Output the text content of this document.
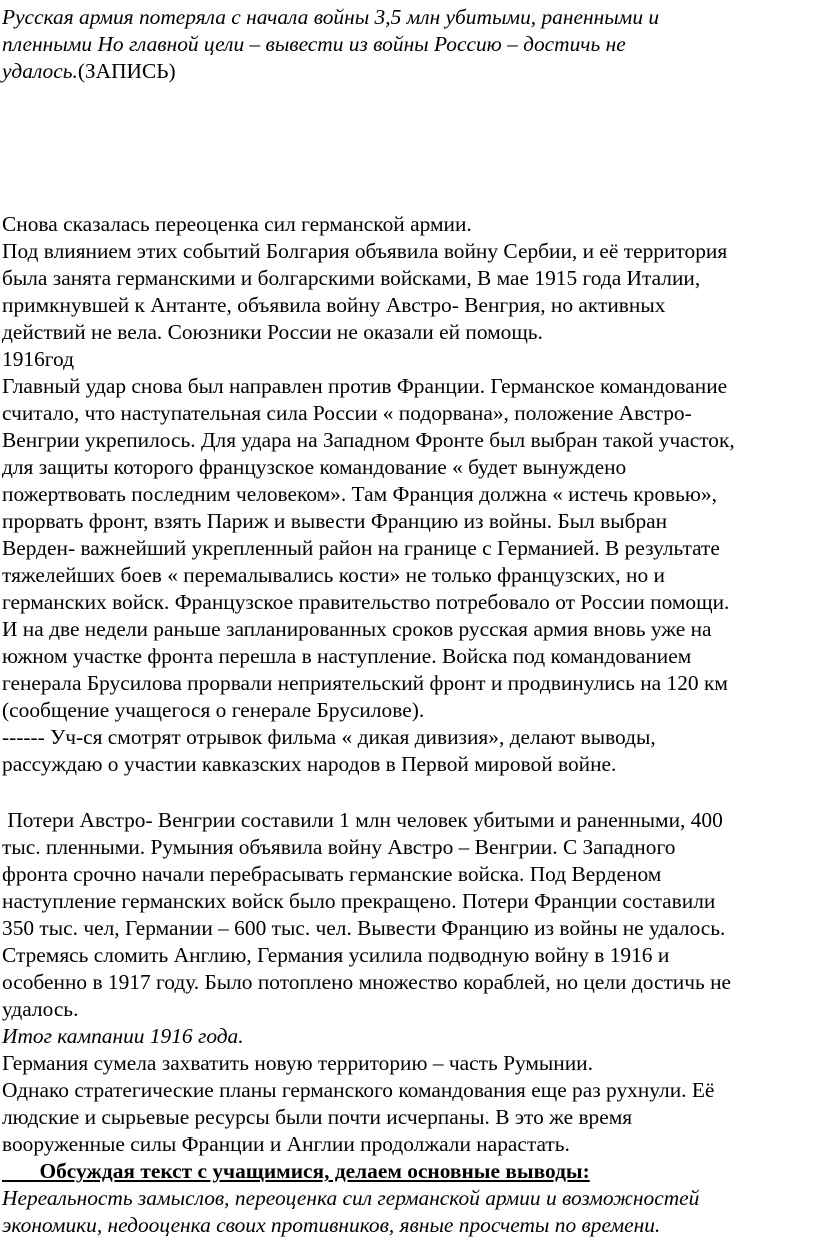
Русская армия потеряла с начала войны 3,5 млн убитыми, раненными и
пленными Но главной цели – вывести из войны Россию – достичь не
удалось.(ЗАПИСЬ)
Снова сказалась переоценка сил германской армии.
Под влиянием этих событий Болгария объявила войну Сербии, и её территория
была занята германскими и болгарскими войсками, В мае 1915 года Италии,
примкнувшей к Антанте, объявила войну Австро- Венгрия, но активных
действий не вела. Союзники России не оказали ей помощь.
1916год
Главный удар снова был направлен против Франции. Германское командование
считало, что наступательная сила России « подорвана», положение Австро-
Венгрии укрепилось. Для удара на Западном Фронте был выбран такой участок,
для защиты которого французское командование « будет вынуждено
пожертвовать последним человеком». Там Франция должна « истечь кровью»,
прорвать фронт, взять Париж и вывести Францию из войны. Был выбран
Верден- важнейший укрепленный район на границе с Германией. В результате
тяжелейших боев « перемалывались кости» не только французских, но и
германских войск. Французское правительство потребовало от России помощи.
И на две недели раньше запланированных сроков русская армия вновь уже на
южном участке фронта перешла в наступление. Войска под командованием
генерала Брусилова прорвали неприятельский фронт и продвинулись на 120 км
(сообщение учащегося о генерале Брусилове).
------ Уч-ся смотрят отрывок фильма « дикая дивизия», делают выводы,
рассуждаю о участии кавказских народов в Первой мировой войне.
Потери Австро- Венгрии составили 1 млн человек убитыми и раненными, 400
тыс. пленными. Румыния объявила войну Австро – Венгрии. С Западного
фронта срочно начали перебрасывать германские войска. Под Верденом
наступление германских войск было прекращено. Потери Франции составили
350 тыс. чел, Германии – 600 тыс. чел. Вывести Францию из войны не удалось.
Стремясь сломить Англию, Германия усилила подводную войну в 1916 и
особенно в 1917 году. Было потоплено множество кораблей, но цели достичь не
удалось.
Итог кампании 1916 года.
Германия сумела захватить новую территорию – часть Румынии.
Однако стратегические планы германского командования еще раз рухнули. Её
людские и сырьевые ресурсы были почти исчерпаны. В это же время
вооруженные силы Франции и Англии продолжали нарастать.
Обсуждая текст с учащимися, делаем основные выводы:
Нереальность замыслов, переоценка сил германской армии и возможностей
экономики, недооценка своих противников, явные просчеты по времени.
